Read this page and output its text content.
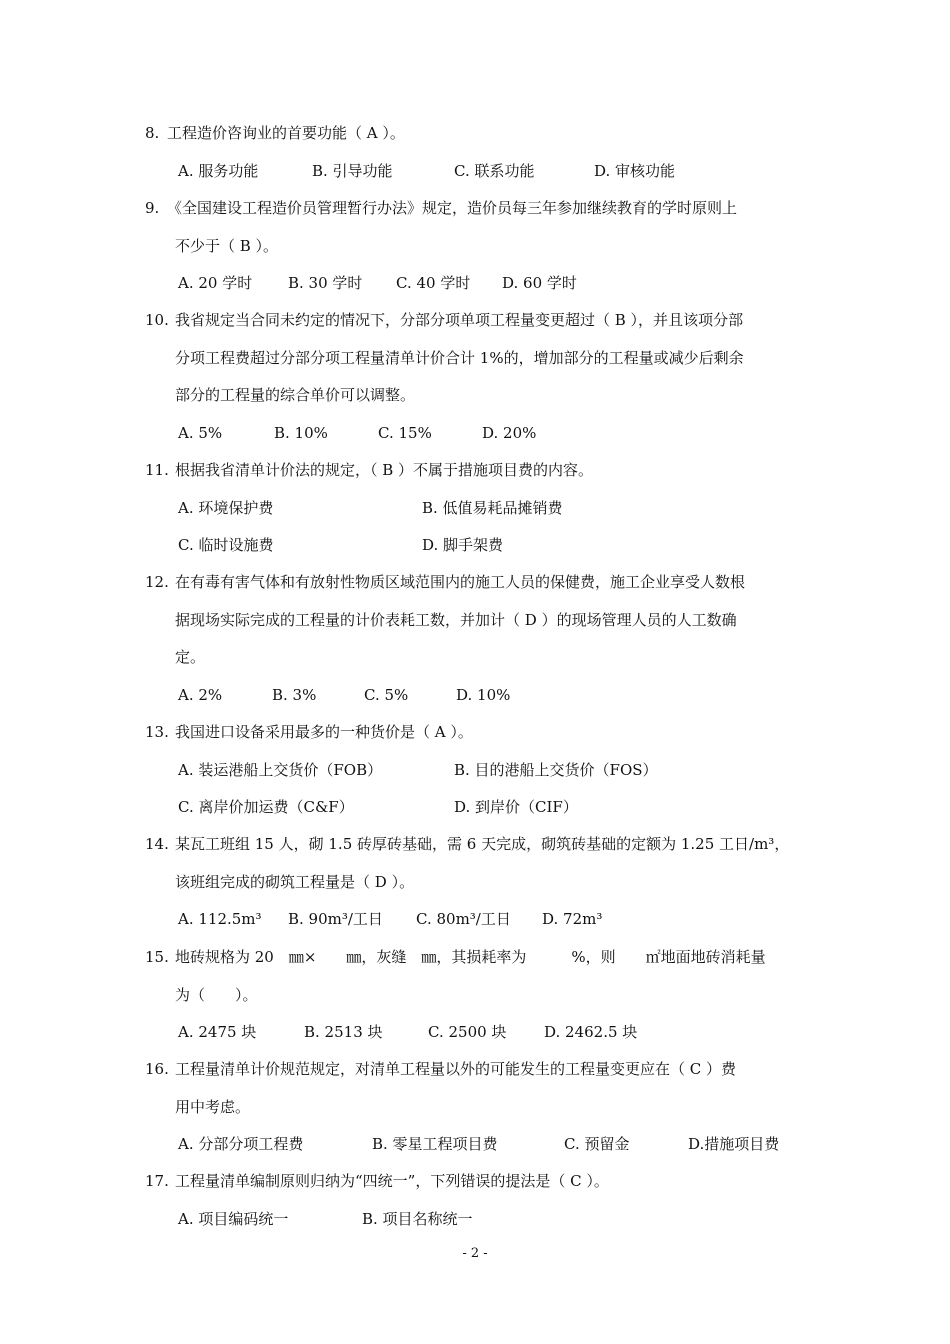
8. 工程造价咨询业的首要功能（ A ）。
A. 服务功能	B. 引导功能	C. 联系功能	D. 审核功能
9. 《全国建设工程造价员管理暂行办法》规定，造价员每三年参加继续教育的学时原则上
不少于（ B ）。
A. 20 学时 B. 30 学时 C. 40 学时 D. 60 学时
10. 我省规定当合同未约定的情况下，分部分项单项工程量变更超过（ B ），并且该项分部
分项工程费超过分部分项工程量清单计价合计 1%的，增加部分的工程量或减少后剩余
部分的工程量的综合单价可以调整。
A. 5%	B. 10%	C. 15%	D. 20%
11. 根据我省清单计价法的规定，（ B ）不属于措施项目费的内容。
A. 环境保护费	B. 低值易耗品摊销费
C. 临时设施费	D. 脚手架费
12. 在有毒有害气体和有放射性物质区域范围内的施工人员的保健费，施工企业享受人数根
据现场实际完成的工程量的计价表耗工数，并加计（ D ）的现场管理人员的人工数确
定。
A. 2%	B. 3%	C. 5%	D. 10%
13. 我国进口设备采用最多的一种货价是（ A ）。
A. 装运港船上交货价（FOB）	B. 目的港船上交货价（FOS）
C. 离岸价加运费（C&F）	D. 到岸价（CIF）
14. 某瓦工班组 15 人，砌 1.5 砖厚砖基础，需 6 天完成，砌筑砖基础的定额为 1.25 工日/m³，
该班组完成的砌筑工程量是（ D ）。
A. 112.5m³ B. 90m³/工日 C. 80m³/工日 D. 72m³
15. 地砖规格为 20　㎜×　　㎜，灰缝　㎜，其损耗率为　　　%，则　　㎡地面地砖消耗量
为（　　）。
A. 2475 块	B. 2513 块	C. 2500 块	D. 2462.5 块
16. 工程量清单计价规范规定，对清单工程量以外的可能发生的工程量变更应在（ C ）费
用中考虑。
A. 分部分项工程费	B. 零星工程项目费	C. 预留金	D.措施项目费
17. 工程量清单编制原则归纳为“四统一”，下列错误的提法是（ C ）。
A. 项目编码统一	B. 项目名称统一
- 2 -
